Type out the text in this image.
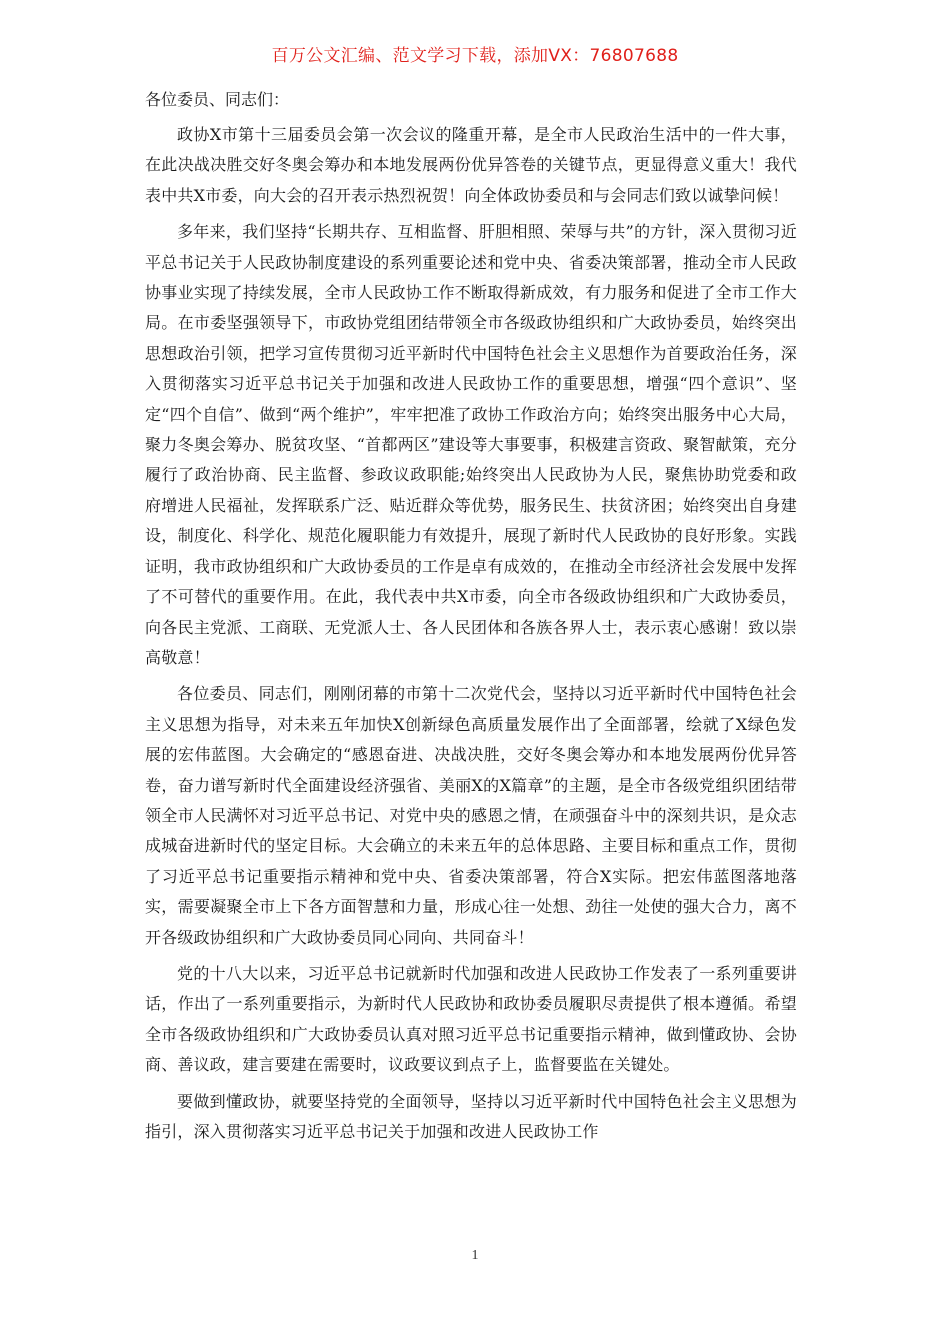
百万公文汇编、范文学习下载，添加VX：76807688

各位委员、同志们：

政协X市第十三届委员会第一次会议的隆重开幕，是全市人民政治生活中的一件大事，在此决战决胜交好冬奥会筹办和本地发展两份优异答卷的关键节点，更显得意义重大！我代表中共X市委，向大会的召开表示热烈祝贺！向全体政协委员和与会同志们致以诚挚问候！

多年来，我们坚持“长期共存、互相监督、肝胆相照、荣辱与共”的方针，深入贯彻习近平总书记关于人民政协制度建设的系列重要论述和党中央、省委决策部署，推动全市人民政协事业实现了持续发展，全市人民政协工作不断取得新成效，有力服务和促进了全市工作大局。在市委坚强领导下，市政协党组团结带领全市各级政协组织和广大政协委员，始终突出思想政治引领，把学习宣传贯彻习近平新时代中国特色社会主义思想作为首要政治任务，深入贯彻落实习近平总书记关于加强和改进人民政协工作的重要思想，增强“四个意识”、坚定“四个自信”、做到“两个维护”，牢牢把准了政协工作政治方向；始终突出服务中心大局，聚力冬奥会筹办、脱贫攻坚、“首都两区”建设等大事要事，积极建言资政、聚智献策，充分履行了政治协商、民主监督、参政议政职能;始终突出人民政协为人民，聚焦协助党委和政府增进人民福祉，发挥联系广泛、贴近群众等优势，服务民生、扶贫济困；始终突出自身建设，制度化、科学化、规范化履职能力有效提升，展现了新时代人民政协的良好形象。实践证明，我市政协组织和广大政协委员的工作是卓有成效的，在推动全市经济社会发展中发挥了不可替代的重要作用。在此，我代表中共X市委，向全市各级政协组织和广大政协委员，向各民主党派、工商联、无党派人士、各人民团体和各族各界人士，表示衷心感谢！致以崇高敬意！

各位委员、同志们，刚刚闭幕的市第十二次党代会，坚持以习近平新时代中国特色社会主义思想为指导，对未来五年加快X创新绿色高质量发展作出了全面部署，绘就了X绿色发展的宏伟蓝图。大会确定的“感恩奋进、决战决胜，交好冬奥会筹办和本地发展两份优异答卷，奋力谱写新时代全面建设经济强省、美丽X的X篇章”的主题，是全市各级党组织团结带领全市人民满怀对习近平总书记、对党中央的感恩之情，在顽强奋斗中的深刻共识，是众志成城奋进新时代的坚定目标。大会确立的未来五年的总体思路、主要目标和重点工作，贯彻了习近平总书记重要指示精神和党中央、省委决策部署，符合X实际。把宏伟蓝图落地落实，需要凝聚全市上下各方面智慧和力量，形成心往一处想、劲往一处使的强大合力，离不开各级政协组织和广大政协委员同心同向、共同奋斗！

党的十八大以来，习近平总书记就新时代加强和改进人民政协工作发表了一系列重要讲话，作出了一系列重要指示，为新时代人民政协和政协委员履职尽责提供了根本遵循。希望全市各级政协组织和广大政协委员认真对照习近平总书记重要指示精神，做到懂政协、会协商、善议政，建言要建在需要时，议政要议到点子上，监督要监在关键处。

要做到懂政协，就要坚持党的全面领导，坚持以习近平新时代中国特色社会主义思想为指引，深入贯彻落实习近平总书记关于加强和改进人民政协工作

1
